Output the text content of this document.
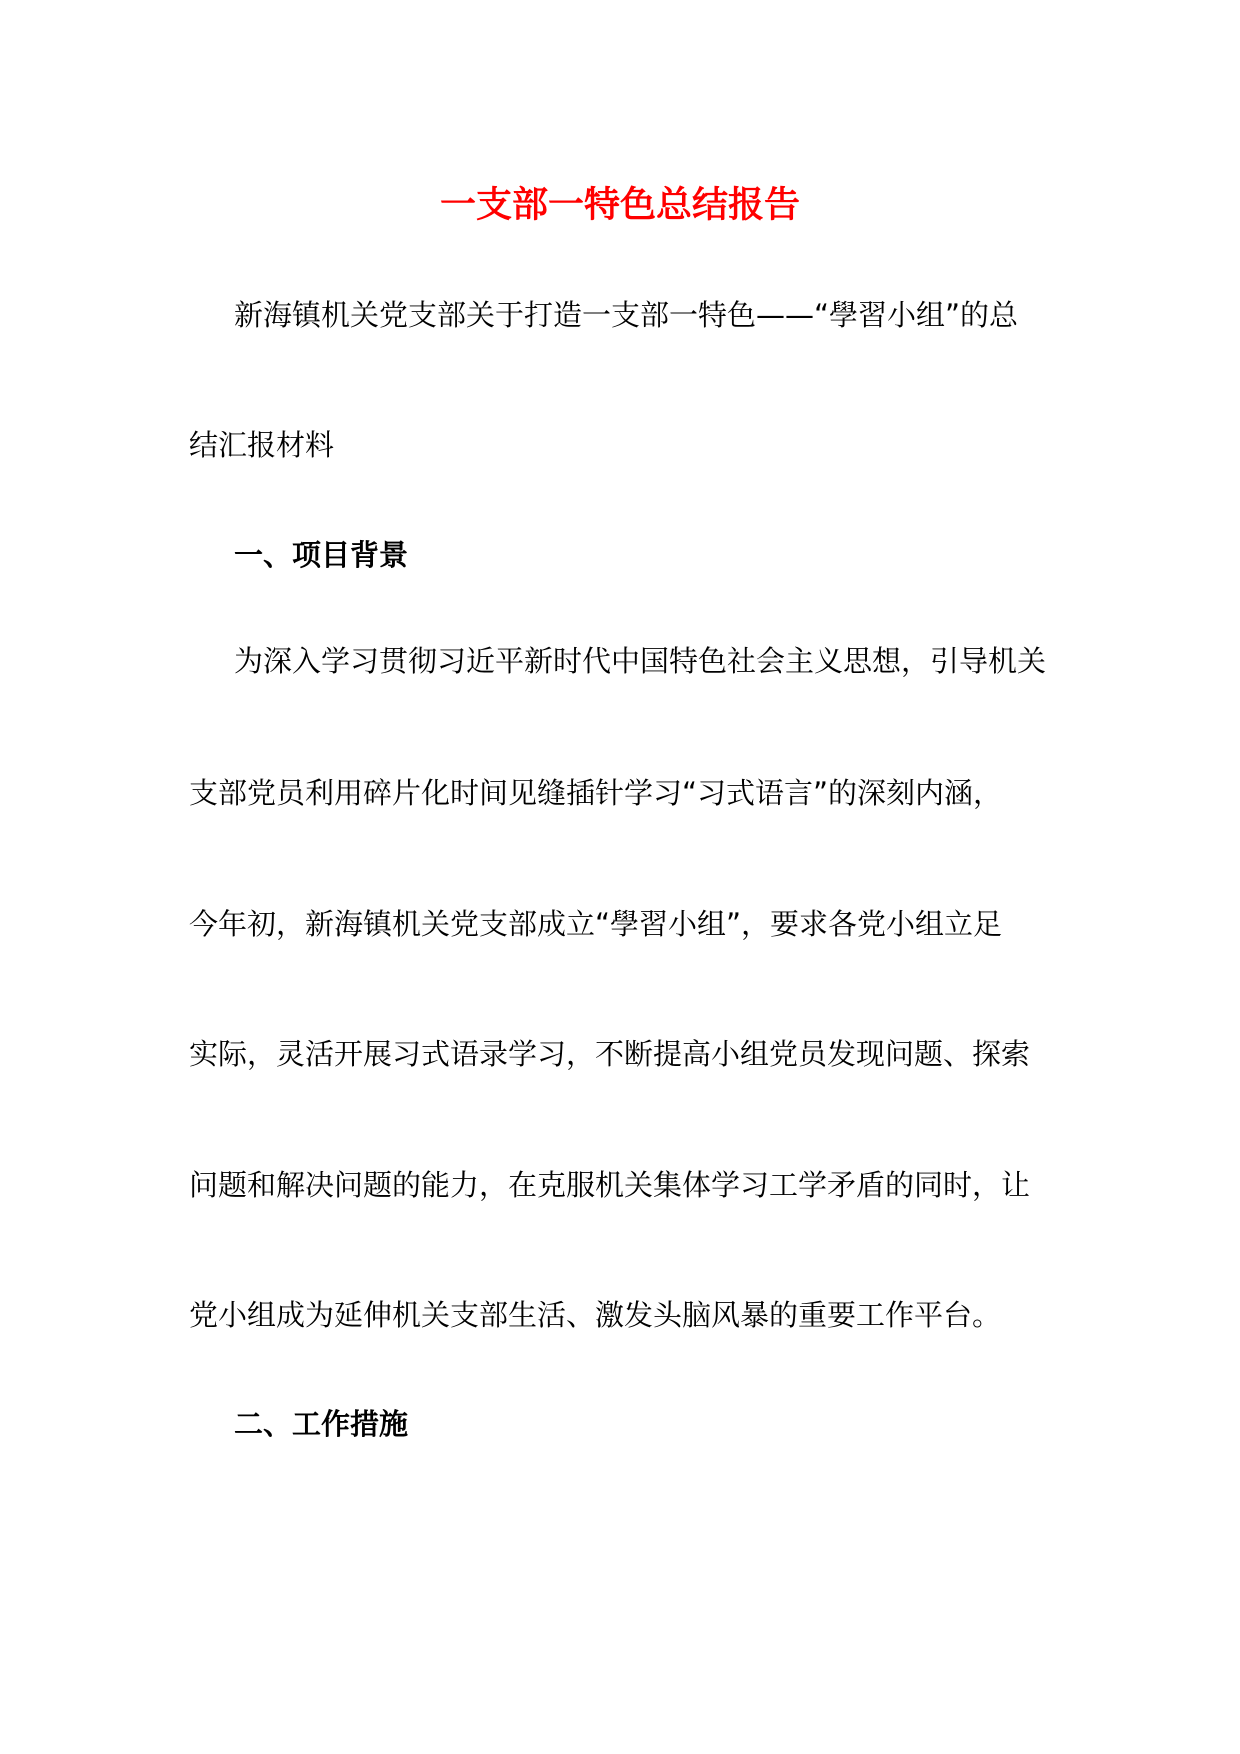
一支部一特色总结报告
新海镇机关党支部关于打造一支部一特色——“學習小组”的总
结汇报材料
一、项目背景
为深入学习贯彻习近平新时代中国特色社会主义思想，引导机关
支部党员利用碎片化时间见缝插针学习“习式语言”的深刻内涵，
今年初，新海镇机关党支部成立“學習小组”，要求各党小组立足
实际，灵活开展习式语录学习，不断提高小组党员发现问题、探索
问题和解决问题的能力，在克服机关集体学习工学矛盾的同时，让
党小组成为延伸机关支部生活、激发头脑风暴的重要工作平台。
二、工作措施
